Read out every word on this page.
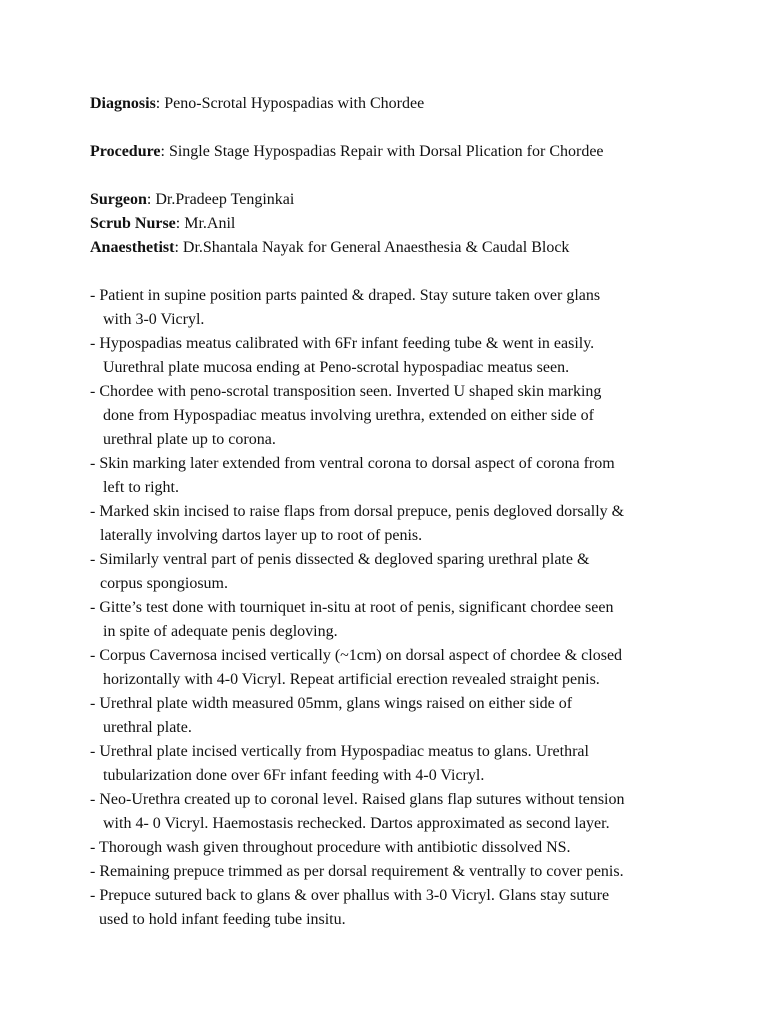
Diagnosis: Peno-Scrotal Hypospadias with Chordee
Procedure: Single Stage Hypospadias Repair with Dorsal Plication for Chordee
Surgeon: Dr.Pradeep Tenginkai
Scrub Nurse: Mr.Anil
Anaesthetist: Dr.Shantala Nayak for General Anaesthesia & Caudal Block
- Patient in supine position parts painted & draped. Stay suture taken over glans
with 3-0 Vicryl.
- Hypospadias meatus calibrated with 6Fr infant feeding tube & went in easily.
Uurethral plate mucosa ending at Peno-scrotal hypospadiac meatus seen.
- Chordee with peno-scrotal transposition seen. Inverted U shaped skin marking
done from Hypospadiac meatus involving urethra, extended on either side of
urethral plate up to corona.
- Skin marking later extended from ventral corona to dorsal aspect of corona from
left to right.
- Marked skin incised to raise flaps from dorsal prepuce, penis degloved dorsally &
laterally involving dartos layer up to root of penis.
- Similarly ventral part of penis dissected & degloved sparing urethral plate &
corpus spongiosum.
- Gitte’s test done with tourniquet in-situ at root of penis, significant chordee seen
in spite of adequate penis degloving.
- Corpus Cavernosa incised vertically (~1cm) on dorsal aspect of chordee & closed
horizontally with 4-0 Vicryl. Repeat artificial erection revealed straight penis.
- Urethral plate width measured 05mm, glans wings raised on either side of
urethral plate.
- Urethral plate incised vertically from Hypospadiac meatus to glans. Urethral
tubularization done over 6Fr infant feeding with 4-0 Vicryl.
- Neo-Urethra created up to coronal level. Raised glans flap sutures without tension
with 4- 0 Vicryl. Haemostasis rechecked. Dartos approximated as second layer.
- Thorough wash given throughout procedure with antibiotic dissolved NS.
- Remaining prepuce trimmed as per dorsal requirement & ventrally to cover penis.
- Prepuce sutured back to glans & over phallus with 3-0 Vicryl. Glans stay suture
used to hold infant feeding tube insitu.
